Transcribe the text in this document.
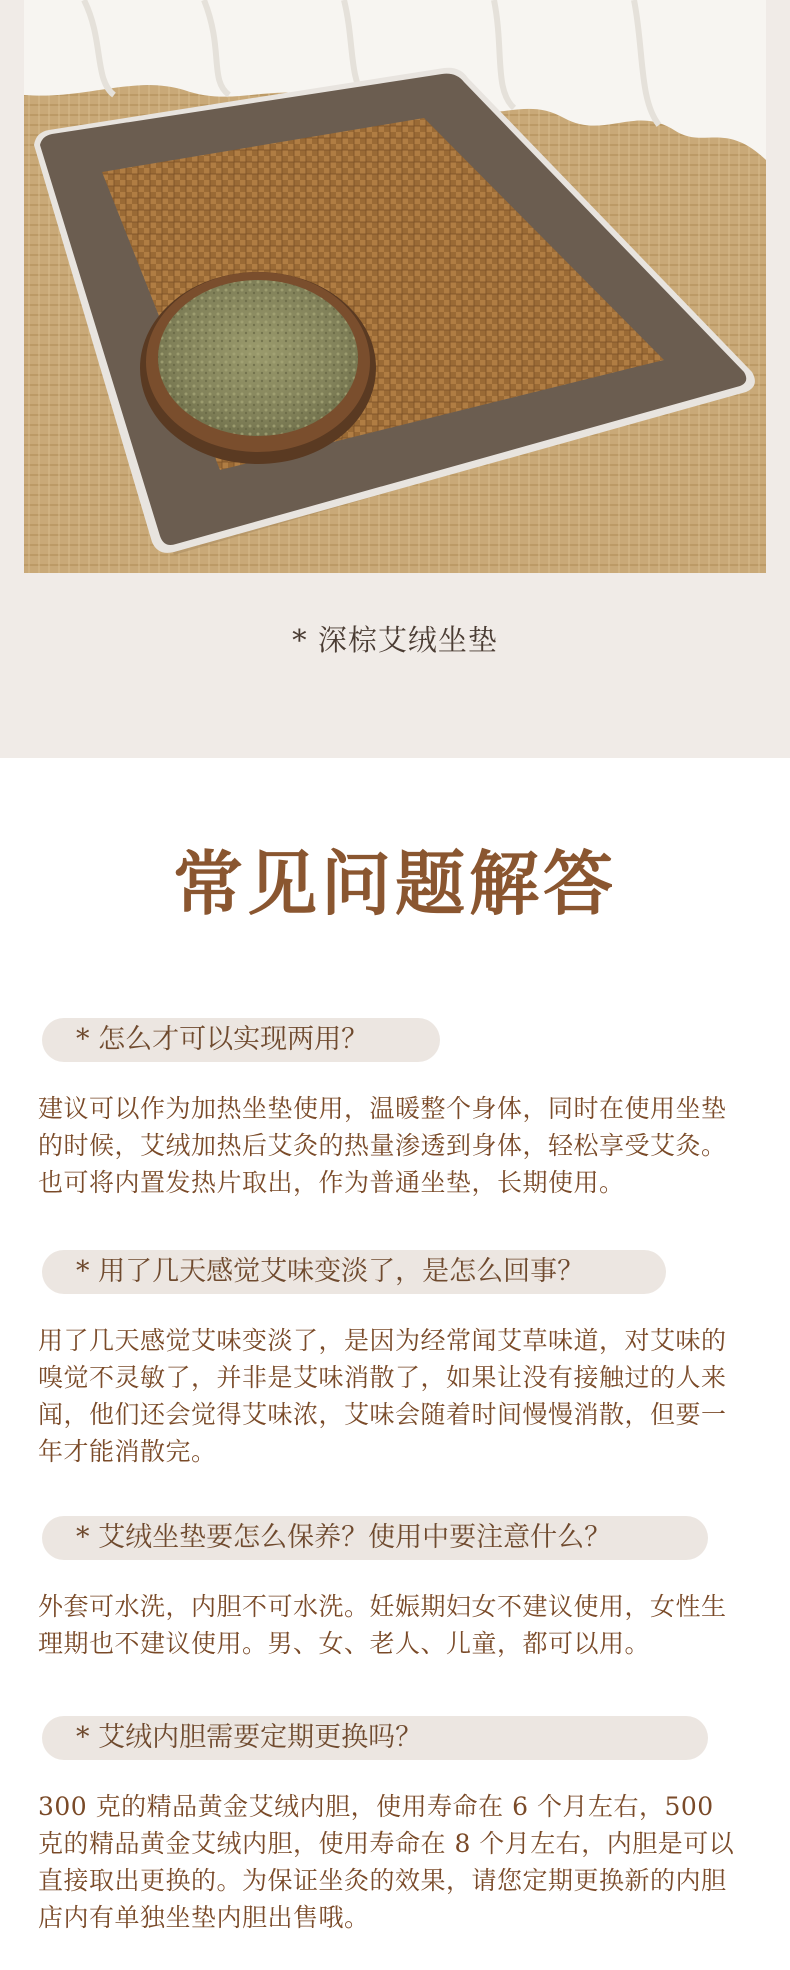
* 深棕艾绒坐垫
常见问题解答
* 怎么才可以实现两用？
建议可以作为加热坐垫使用，温暖整个身体，同时在使用坐垫的时候，艾绒加热后艾灸的热量渗透到身体，轻松享受艾灸。也可将内置发热片取出，作为普通坐垫，长期使用。
* 用了几天感觉艾味变淡了，是怎么回事？
用了几天感觉艾味变淡了，是因为经常闻艾草味道，对艾味的嗅觉不灵敏了，并非是艾味消散了，如果让没有接触过的人来闻，他们还会觉得艾味浓，艾味会随着时间慢慢消散，但要一年才能消散完。
* 艾绒坐垫要怎么保养？使用中要注意什么？
外套可水洗，内胆不可水洗。妊娠期妇女不建议使用，女性生理期也不建议使用。男、女、老人、儿童，都可以用。
* 艾绒内胆需要定期更换吗？
300 克的精品黄金艾绒内胆，使用寿命在 6 个月左右，500 克的精品黄金艾绒内胆，使用寿命在 8 个月左右，内胆是可以直接取出更换的。为保证坐灸的效果，请您定期更换新的内胆店内有单独坐垫内胆出售哦。
